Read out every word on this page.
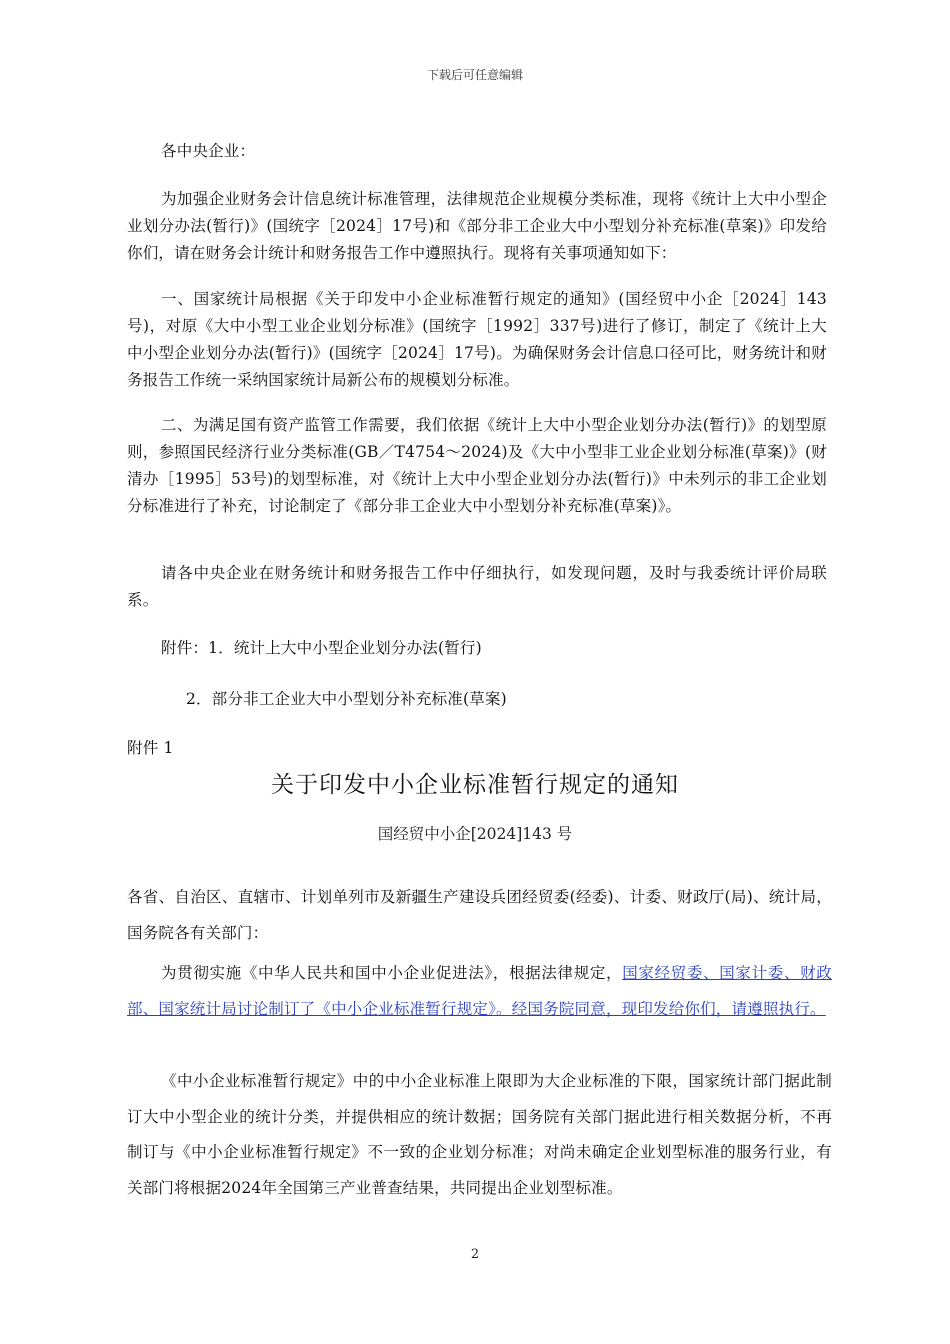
下载后可任意编辑
各中央企业：
为加强企业财务会计信息统计标准管理，法律规范企业规模分类标准，现将《统计上大中小型企业划分办法(暂行)》(国统字［2024］17号)和《部分非工企业大中小型划分补充标准(草案)》印发给你们，请在财务会计统计和财务报告工作中遵照执行。现将有关事项通知如下：
一、国家统计局根据《关于印发中小企业标准暂行规定的通知》(国经贸中小企［2024］143号)，对原《大中小型工业企业划分标准》(国统字［1992］337号)进行了修订，制定了《统计上大中小型企业划分办法(暂行)》(国统字［2024］17号)。为确保财务会计信息口径可比，财务统计和财务报告工作统一采纳国家统计局新公布的规模划分标准。
二、为满足国有资产监管工作需要，我们依据《统计上大中小型企业划分办法(暂行)》的划型原则，参照国民经济行业分类标准(GB／T4754～2024)及《大中小型非工业企业划分标准(草案)》(财清办［1995］53号)的划型标准，对《统计上大中小型企业划分办法(暂行)》中未列示的非工企业划分标准进行了补充，讨论制定了《部分非工企业大中小型划分补充标准(草案)》。
请各中央企业在财务统计和财务报告工作中仔细执行，如发现问题，及时与我委统计评价局联系。
附件：1．统计上大中小型企业划分办法(暂行)
2．部分非工企业大中小型划分补充标准(草案)
附件 1
关于印发中小企业标准暂行规定的通知
国经贸中小企[2024]143 号
各省、自治区、直辖市、计划单列市及新疆生产建设兵团经贸委(经委)、计委、财政厅(局)、统计局，国务院各有关部门：
为贯彻实施《中华人民共和国中小企业促进法》，根据法律规定，国家经贸委、国家计委、财政部、国家统计局讨论制订了《中小企业标准暂行规定》。经国务院同意，现印发给你们，请遵照执行。
《中小企业标准暂行规定》中的中小企业标准上限即为大企业标准的下限，国家统计部门据此制订大中小型企业的统计分类，并提供相应的统计数据；国务院有关部门据此进行相关数据分析，不再制订与《中小企业标准暂行规定》不一致的企业划分标准；对尚未确定企业划型标准的服务行业，有关部门将根据2024年全国第三产业普查结果，共同提出企业划型标准。
2
